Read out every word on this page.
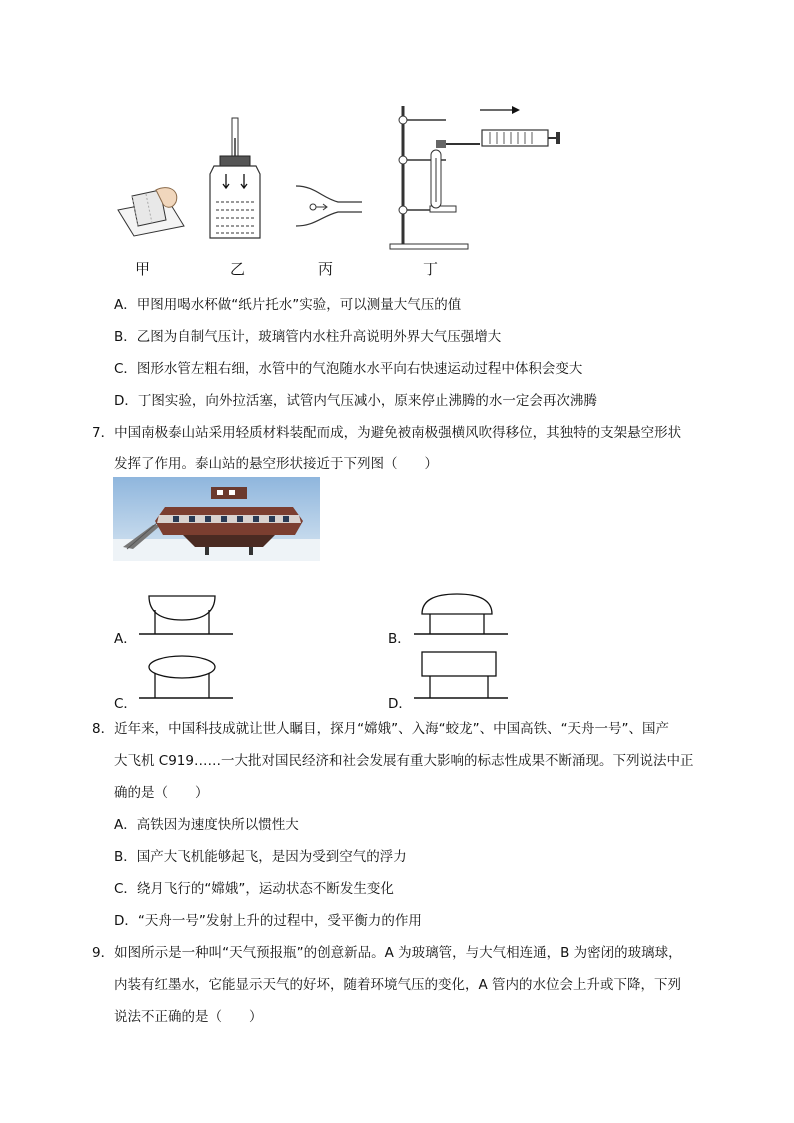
甲	乙	丙	丁
A．甲图用喝水杯做“纸片托水”实验，可以测量大气压的值
B．乙图为自制气压计，玻璃管内水柱升高说明外界大气压强增大
C．图形水管左粗右细，水管中的气泡随水水平向右快速运动过程中体积会变大
D．丁图实验，向外拉活塞，试管内气压减小，原来停止沸腾的水一定会再次沸腾
7．中国南极泰山站采用轻质材料装配而成，为避免被南极强横风吹得移位，其独特的支架悬空形状
发挥了作用。泰山站的悬空形状接近于下列图（　　）
A．	B．
C．	D．
8．近年来，中国科技成就让世人瞩目，探月“嫦娥”、入海“蛟龙”、中国高铁、“天舟一号”、国产
大飞机 C919……一大批对国民经济和社会发展有重大影响的标志性成果不断涌现。下列说法中正
确的是（　　）
A．高铁因为速度快所以惯性大
B．国产大飞机能够起飞，是因为受到空气的浮力
C．绕月飞行的“嫦娥”，运动状态不断发生变化
D．“天舟一号”发射上升的过程中，受平衡力的作用
9．如图所示是一种叫“天气预报瓶”的创意新品。A 为玻璃管，与大气相连通，B 为密闭的玻璃球，
内装有红墨水，它能显示天气的好坏，随着环境气压的变化，A 管内的水位会上升或下降，下列
说法不正确的是（　　）
